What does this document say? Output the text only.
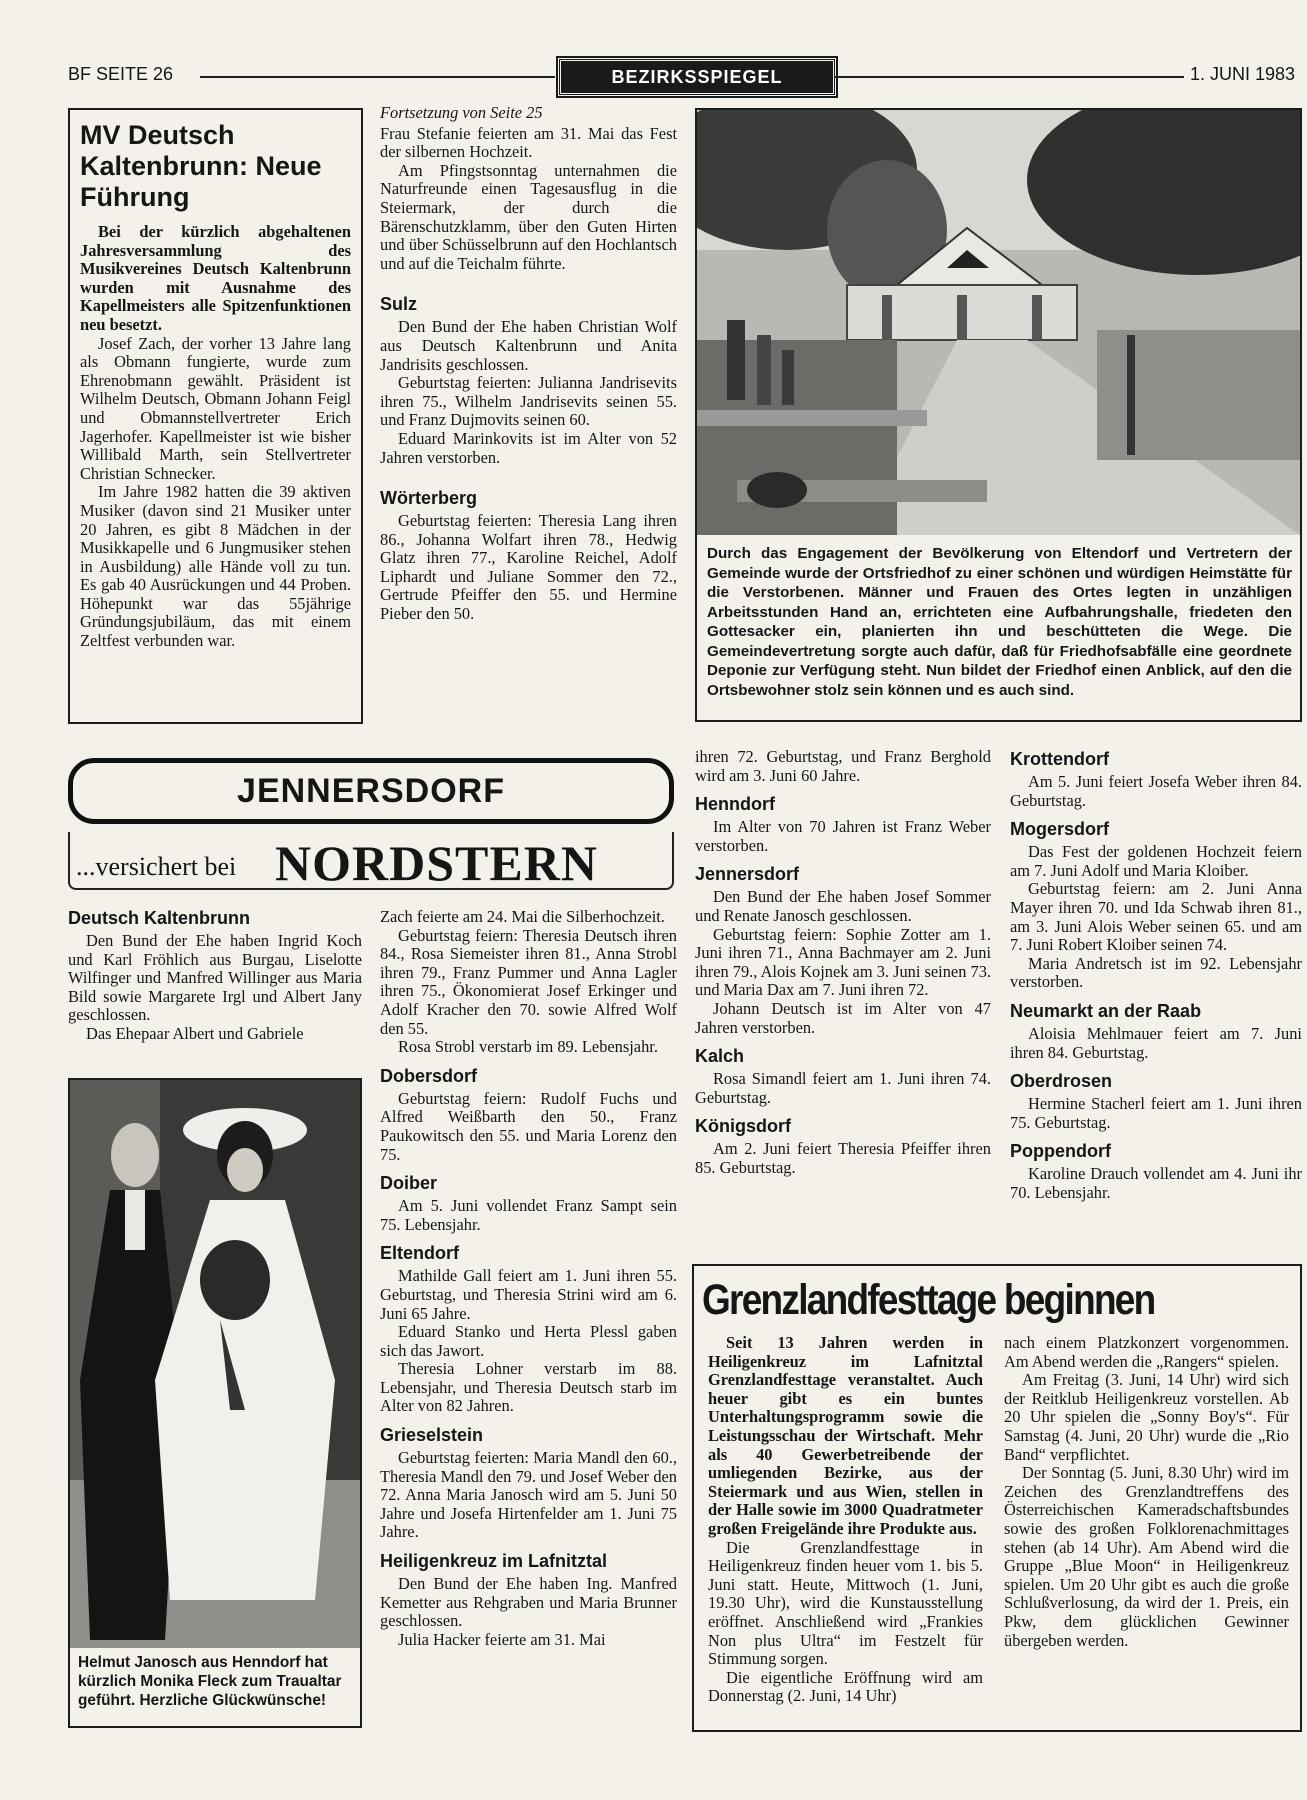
BF SEITE 26	BEZIRKSSPIEGEL	1. JUNI 1983
MV Deutsch Kaltenbrunn: Neue Führung

Bei der kürzlich abgehaltenen Jahresversammlung des Musikvereines Deutsch Kaltenbrunn wurden mit Ausnahme des Kapellmeisters alle Spitzenfunktionen neu besetzt.

Josef Zach, der vorher 13 Jahre lang als Obmann fungierte, wurde zum Ehrenobmann gewählt. Präsident ist Wilhelm Deutsch, Obmann Johann Feigl und Obmannstellvertreter Erich Jagerhofer. Kapellmeister ist wie bisher Willibald Marth, sein Stellvertreter Christian Schnecker.

Im Jahre 1982 hatten die 39 aktiven Musiker (davon sind 21 Musiker unter 20 Jahren, es gibt 8 Mädchen in der Musikkapelle und 6 Jungmusiker stehen in Ausbildung) alle Hände voll zu tun. Es gab 40 Ausrückungen und 44 Proben. Höhepunkt war das 55jährige Gründungsjubiläum, das mit einem Zeltfest verbunden war.

Fortsetzung von Seite 25

Frau Stefanie feierten am 31. Mai das Fest der silbernen Hochzeit.

Am Pfingstsonntag unternahmen die Naturfreunde einen Tagesausflug in die Steiermark, der durch die Bärenschutzklamm, über den Guten Hirten und über Schüsselbrunn auf den Hochlantsch und auf die Teichalm führte.

Sulz

Den Bund der Ehe haben Christian Wolf aus Deutsch Kaltenbrunn und Anita Jandrisits geschlossen.

Geburtstag feierten: Julianna Jandrisevits ihren 75., Wilhelm Jandrisevits seinen 55. und Franz Dujmovits seinen 60.

Eduard Marinkovits ist im Alter von 52 Jahren verstorben.

Wörterberg

Geburtstag feierten: Theresia Lang ihren 86., Johanna Wolfart ihren 78., Hedwig Glatz ihren 77., Karoline Reichel, Adolf Liphardt und Juliane Sommer den 72., Gertrude Pfeiffer den 55. und Hermine Pieber den 50.

Durch das Engagement der Bevölkerung von Eltendorf und Vertretern der Gemeinde wurde der Ortsfriedhof zu einer schönen und würdigen Heimstätte für die Verstorbenen. Männer und Frauen des Ortes legten in unzähligen Arbeitsstunden Hand an, errichteten eine Aufbahrungshalle, friedeten den Gottesacker ein, planierten ihn und beschütteten die Wege. Die Gemeindevertretung sorgte auch dafür, daß für Friedhofsabfälle eine geordnete Deponie zur Verfügung steht. Nun bildet der Friedhof einen Anblick, auf den die Ortsbewohner stolz sein können und es auch sind.
JENNERSDORF
...versichert bei NORDSTERN
Deutsch Kaltenbrunn

Den Bund der Ehe haben Ingrid Koch und Karl Fröhlich aus Burgau, Liselotte Wilfinger und Manfred Willinger aus Maria Bild sowie Margarete Irgl und Albert Jany geschlossen.

Das Ehepaar Albert und Gabriele

Helmut Janosch aus Henndorf hat kürzlich Monika Fleck zum Traualtar geführt. Herzliche Glückwünsche!

Zach feierte am 24. Mai die Silberhochzeit.

Geburtstag feiern: Theresia Deutsch ihren 84., Rosa Siemeister ihren 81., Anna Strobl ihren 79., Franz Pummer und Anna Lagler ihren 75., Ökonomierat Josef Erkinger und Adolf Kracher den 70. sowie Alfred Wolf den 55.

Rosa Strobl verstarb im 89. Lebensjahr.

Dobersdorf

Geburtstag feiern: Rudolf Fuchs und Alfred Weißbarth den 50., Franz Paukowitsch den 55. und Maria Lorenz den 75.

Doiber

Am 5. Juni vollendet Franz Sampt sein 75. Lebensjahr.

Eltendorf

Mathilde Gall feiert am 1. Juni ihren 55. Geburtstag, und Theresia Strini wird am 6. Juni 65 Jahre.

Eduard Stanko und Herta Plessl gaben sich das Jawort.

Theresia Lohner verstarb im 88. Lebensjahr, und Theresia Deutsch starb im Alter von 82 Jahren.

Grieselstein

Geburtstag feierten: Maria Mandl den 60., Theresia Mandl den 79. und Josef Weber den 72. Anna Maria Janosch wird am 5. Juni 50 Jahre und Josefa Hirtenfelder am 1. Juni 75 Jahre.

Heiligenkreuz im Lafnitztal

Den Bund der Ehe haben Ing. Manfred Kemetter aus Rehgraben und Maria Brunner geschlossen.

Julia Hacker feierte am 31. Mai

ihren 72. Geburtstag, und Franz Berghold wird am 3. Juni 60 Jahre.

Henndorf

Im Alter von 70 Jahren ist Franz Weber verstorben.

Jennersdorf

Den Bund der Ehe haben Josef Sommer und Renate Janosch geschlossen.

Geburtstag feiern: Sophie Zotter am 1. Juni ihren 71., Anna Bachmayer am 2. Juni ihren 79., Alois Kojnek am 3. Juni seinen 73. und Maria Dax am 7. Juni ihren 72.

Johann Deutsch ist im Alter von 47 Jahren verstorben.

Kalch

Rosa Simandl feiert am 1. Juni ihren 74. Geburtstag.

Königsdorf

Am 2. Juni feiert Theresia Pfeiffer ihren 85. Geburtstag.

Krottendorf

Am 5. Juni feiert Josefa Weber ihren 84. Geburtstag.

Mogersdorf

Das Fest der goldenen Hochzeit feiern am 7. Juni Adolf und Maria Kloiber.

Geburtstag feiern: am 2. Juni Anna Mayer ihren 70. und Ida Schwab ihren 81., am 3. Juni Alois Weber seinen 65. und am 7. Juni Robert Kloiber seinen 74.

Maria Andretsch ist im 92. Lebensjahr verstorben.

Neumarkt an der Raab

Aloisia Mehlmauer feiert am 7. Juni ihren 84. Geburtstag.

Oberdrosen

Hermine Stacherl feiert am 1. Juni ihren 75. Geburtstag.

Poppendorf

Karoline Drauch vollendet am 4. Juni ihr 70. Lebensjahr.

Grenzlandfesttage beginnen

Seit 13 Jahren werden in Heiligenkreuz im Lafnitztal Grenzlandfesttage veranstaltet. Auch heuer gibt es ein buntes Unterhaltungsprogramm sowie die Leistungsschau der Wirtschaft. Mehr als 40 Gewerbetreibende der umliegenden Bezirke, aus der Steiermark und aus Wien, stellen in der Halle sowie im 3000 Quadratmeter großen Freigelände ihre Produkte aus.

Die Grenzlandfesttage in Heiligenkreuz finden heuer vom 1. bis 5. Juni statt. Heute, Mittwoch (1. Juni, 19.30 Uhr), wird die Kunstausstellung eröffnet. Anschließend wird „Frankies Non plus Ultra“ im Festzelt für Stimmung sorgen.

Die eigentliche Eröffnung wird am Donnerstag (2. Juni, 14 Uhr)

nach einem Platzkonzert vorgenommen. Am Abend werden die „Rangers“ spielen.

Am Freitag (3. Juni, 14 Uhr) wird sich der Reitklub Heiligenkreuz vorstellen. Ab 20 Uhr spielen die „Sonny Boy's“. Für Samstag (4. Juni, 20 Uhr) wurde die „Rio Band“ verpflichtet.

Der Sonntag (5. Juni, 8.30 Uhr) wird im Zeichen des Grenzlandtreffens des Österreichischen Kameradschaftsbundes sowie des großen Folklorenachmittages stehen (ab 14 Uhr). Am Abend wird die Gruppe „Blue Moon“ in Heiligenkreuz spielen. Um 20 Uhr gibt es auch die große Schlußverlosung, da wird der 1. Preis, ein Pkw, dem glücklichen Gewinner übergeben werden.
